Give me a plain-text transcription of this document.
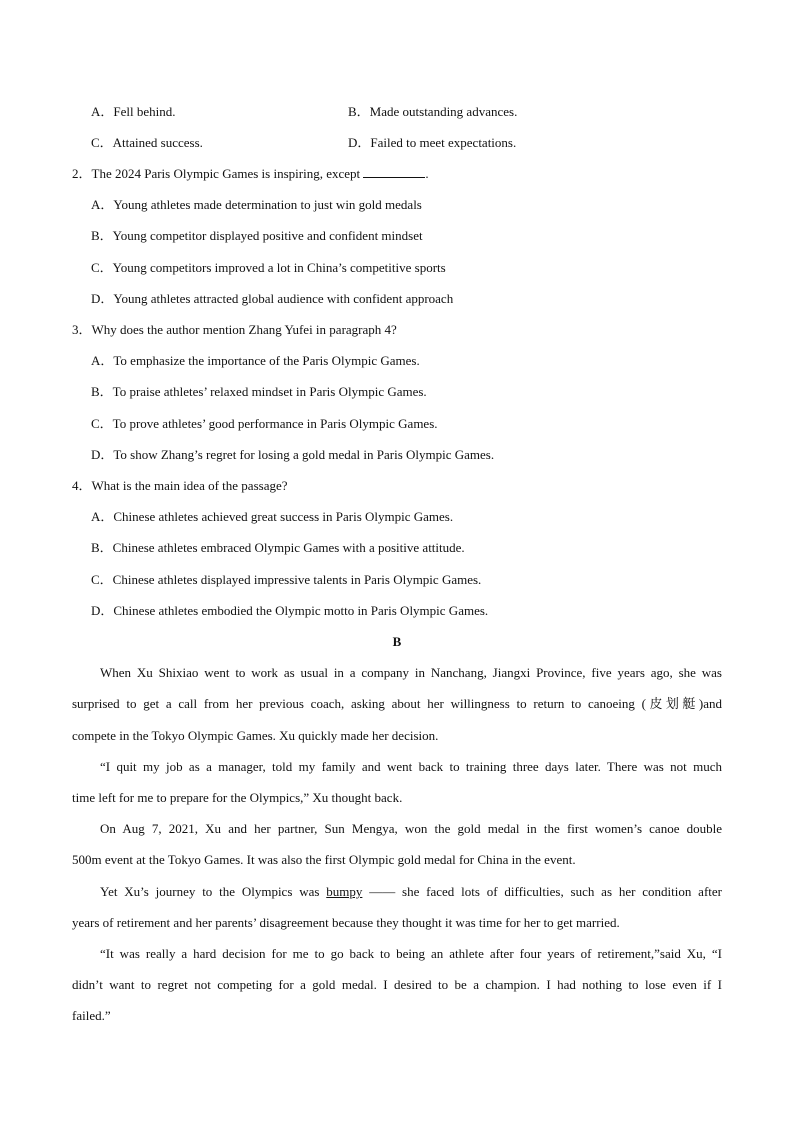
A．Fell behind.	B．Made outstanding advances.
C．Attained success.	D．Failed to meet expectations.
2．The 2024 Paris Olympic Games is inspiring, except	.
A．Young athletes made determination to just win gold medals
B．Young competitor displayed positive and confident mindset
C．Young competitors improved a lot in China’s competitive sports
D．Young athletes attracted global audience with confident approach
3．Why does the author mention Zhang Yufei in paragraph 4?
A．To emphasize the importance of the Paris Olympic Games.
B．To praise athletes’ relaxed mindset in Paris Olympic Games.
C．To prove athletes’ good performance in Paris Olympic Games.
D．To show Zhang’s regret for losing a gold medal in Paris Olympic Games.
4．What is the main idea of the passage?
A．Chinese athletes achieved great success in Paris Olympic Games.
B．Chinese athletes embraced Olympic Games with a positive attitude.
C．Chinese athletes displayed impressive talents in Paris Olympic Games.
D．Chinese athletes embodied the Olympic motto in Paris Olympic Games.
B
When Xu Shixiao went to work as usual in a company in Nanchang, Jiangxi Province, five years ago, she was
surprised to get a call from her previous coach, asking about her willingness to return to canoeing (皮划艇)and
compete in the Tokyo Olympic Games. Xu quickly made her decision.
“I quit my job as a manager, told my family and went back to training three days later. There was not much
time left for me to prepare for the Olympics,” Xu thought back.
On Aug 7, 2021, Xu and her partner, Sun Mengya, won the gold medal in the first women’s canoe double
500m event at the Tokyo Games. It was also the first Olympic gold medal for China in the event.
Yet Xu’s journey to the Olympics was bumpy —— she faced lots of difficulties, such as her condition after
years of retirement and her parents’ disagreement because they thought it was time for her to get married.
“It was really a hard decision for me to go back to being an athlete after four years of retirement,”said Xu, “I
didn’t want to regret not competing for a gold medal. I desired to be a champion. I had nothing to lose even if I
failed.”
